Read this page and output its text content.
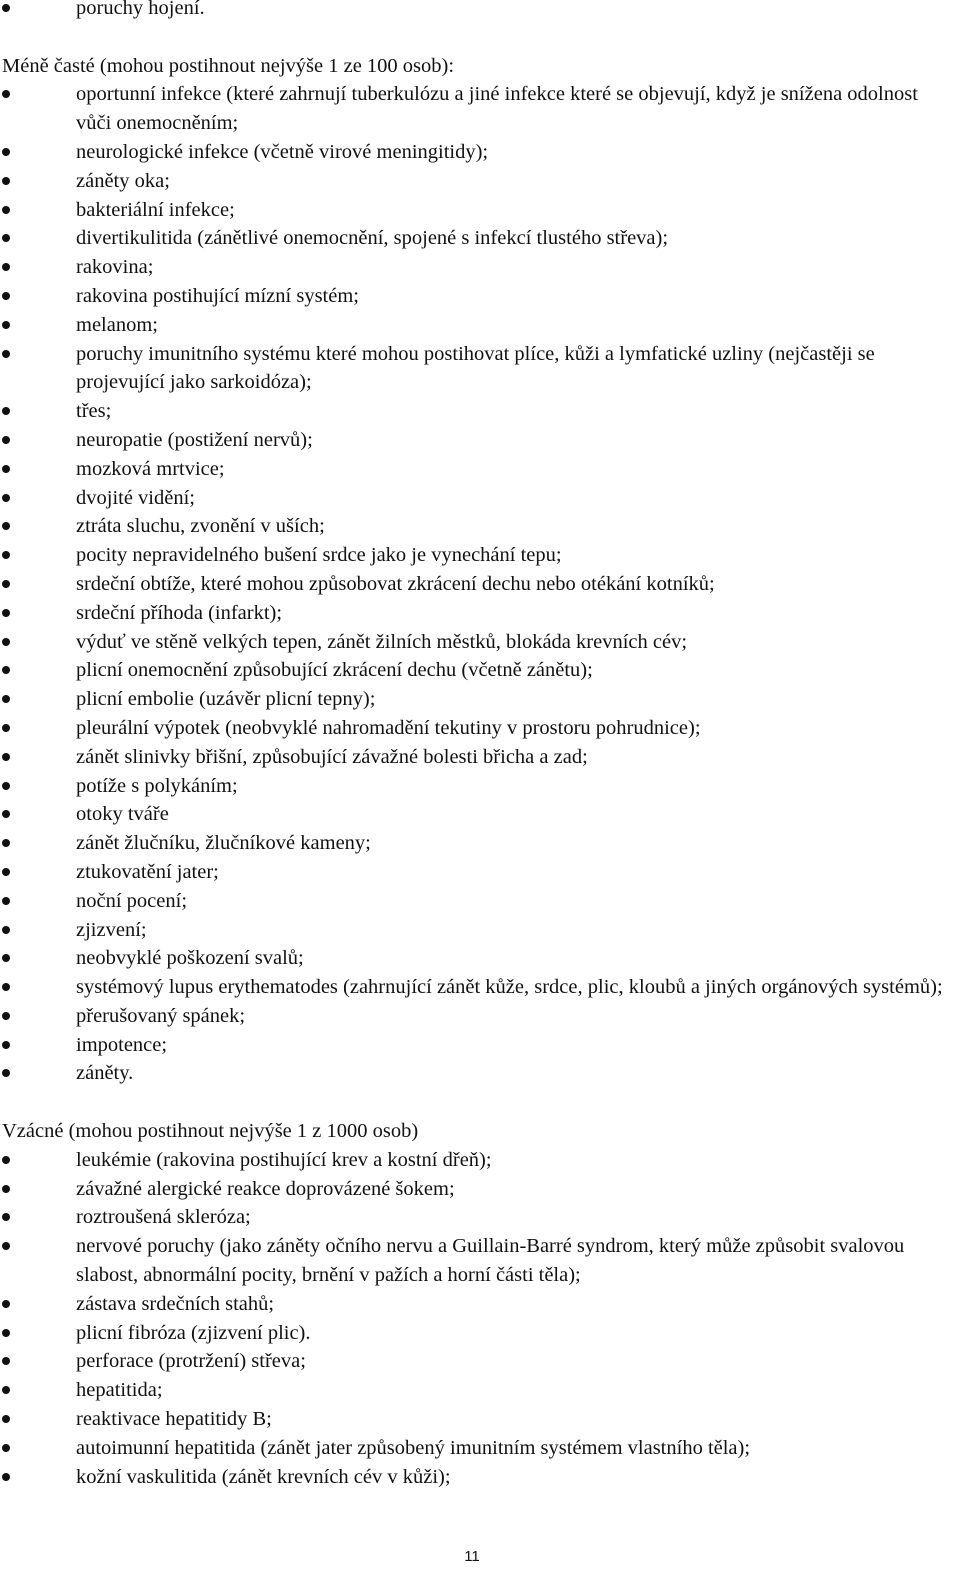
poruchy hojení.
Méně časté (mohou postihnout nejvýše 1 ze 100 osob):
oportunní infekce (které zahrnují tuberkulózu a jiné infekce které se objevují, když je snížena odolnost vůči onemocněním;
neurologické infekce (včetně virové meningitidy);
záněty oka;
bakteriální infekce;
divertikulitida (zánětlivé onemocnění, spojené s infekcí tlustého střeva);
rakovina;
rakovina postihující mízní systém;
melanom;
poruchy imunitního systému které mohou postihovat plíce, kůži a lymfatické uzliny (nejčastěji se projevující jako sarkoidóza);
třes;
neuropatie (postižení nervů);
mozková mrtvice;
dvojité vidění;
ztráta sluchu, zvonění v uších;
pocity nepravidelného bušení srdce jako je vynechání tepu;
srdeční obtíže, které mohou způsobovat zkrácení dechu nebo otékání kotníků;
srdeční příhoda (infarkt);
výduť ve stěně velkých tepen, zánět žilních městků, blokáda krevních cév;
plicní onemocnění způsobující zkrácení dechu (včetně zánětu);
plicní embolie (uzávěr plicní tepny);
pleurální výpotek (neobvyklé nahromadění tekutiny v prostoru pohrudnice);
zánět slinivky břišní, způsobující závažné bolesti břicha a zad;
potíže s polykáním;
otoky tváře
zánět žlučníku, žlučníkové kameny;
ztukovatění jater;
noční pocení;
zjizvení;
neobvyklé poškození svalů;
systémový lupus erythematodes (zahrnující zánět kůže, srdce, plic, kloubů a jiných orgánových systémů);
přerušovaný spánek;
impotence;
záněty.
Vzácné (mohou postihnout nejvýše 1 z 1000 osob)
leukémie (rakovina postihující krev a kostní dřeň);
závažné alergické reakce doprovázené šokem;
roztroušená skleróza;
nervové poruchy (jako záněty očního nervu a Guillain-Barré syndrom, který může způsobit svalovou slabost, abnormální pocity, brnění v pažích a horní části těla);
zástava srdečních stahů;
plicní fibróza (zjizvení plic).
perforace (protržení) střeva;
hepatitida;
reaktivace hepatitidy B;
autoimunní hepatitida (zánět jater způsobený imunitním systémem vlastního těla);
kožní vaskulitida (zánět krevních cév v kůži);
11
